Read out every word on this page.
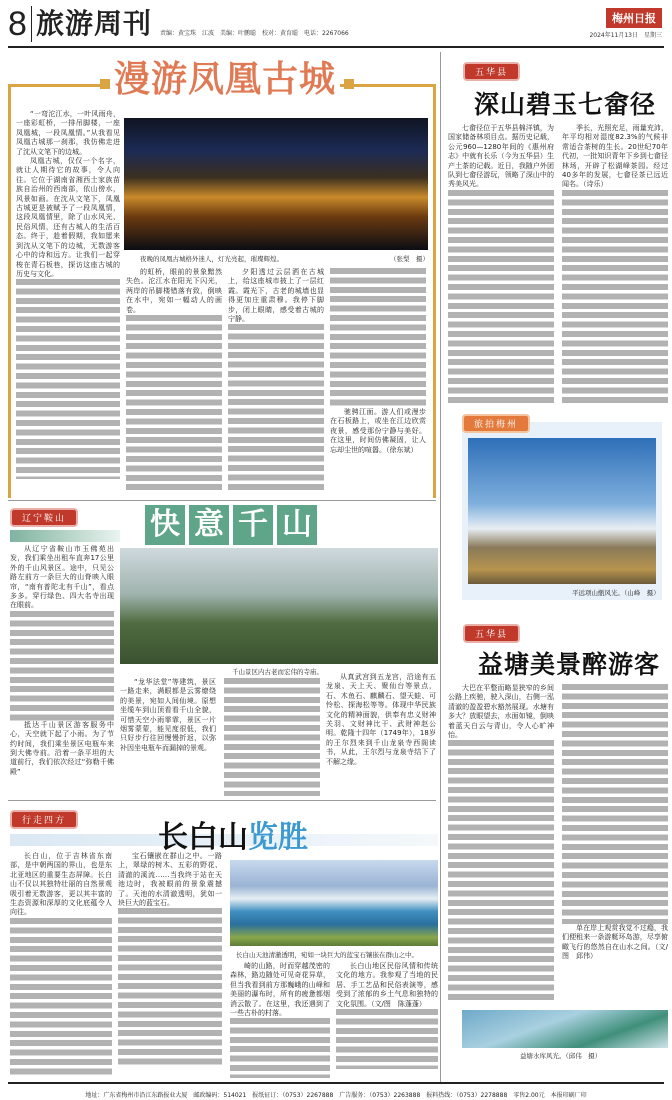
8 旅游周刊 责编：黄宝珠　江波　美编：叶鹏聪　校对：黄育聪　电话：2267066
梅州日报
2024年11月13日　星期三
漫游凤凰古城
夜晚的凤凰古城格外迷人，灯光亮起，璀璨辉煌。	（张梨　摄）

“一弯沱江水，一叶风雨舟，一座彩虹桥，一排吊脚楼，一座凤凰城，一段凤凰情。”从我看见凤凰古城那一刹那，我仿佛走进了沈从文笔下的边城。

凤凰古城，仅仅一个名字，就让人期待它的故事，令人向往。它位于湖南省湘西土家族苗族自治州的西南部，依山傍水，风景如画。在沈从文笔下，凤凰古城更是被赋予了一段凤凰情，这段凤凰情里，除了山水风光、民俗风情，还有古城人的生活百态。终于，趁着假期，我如愿来到沈从文笔下的边城，无数游客心中的诗和远方。让我们一起穿梭在青石板巷，探访这座古城的历史与文化。	的虹桥，眼前的景象黯然失色。沱江水在阳光下闪光，两岸的吊脚楼错落有致，倒映在水中，宛如一幅动人的画卷。

夕阳透过云层洒在古城上，给这座城市披上了一层红霞。霞光下，古老的城墙也显得更加庄重肃穆。我停下脚步，闭上眼睛，感受着古城的宁静。

驰骋江面。游人们或漫步在石板路上，或坐在江边欣赏夜景，感受那份宁静与美好。在这里，时间仿佛凝固，让人忘却尘世的喧嚣。（徐东斌）

五华县
深山碧玉七畲径

七畲径位于五华县棉洋镇，为国家储备林项目点。据历史记载，公元960—1280年间的《惠州府志》中就有长乐（今为五华县）生产土茶的记载。近日，我随户外团队到七畲径游玩，领略了深山中的秀美风光。

季长，光照充足，雨量充沛，年平均相对湿度82.3%的气候非常适合茶树的生长。20世纪70年代初，一批知识青年下乡到七畲径林场，开辟了松湖峰茶园。经过40多年的发展，七畲径茶已远近闻名。（诗乐）

旅拍梅州
平远项山甑风光。（山峰　摄）
五华县
益塘美景醉游客

大巴在平整而略显狭窄的乡间公路上疾驰，驶入深山，右侧一泓清澈的盈盈碧水豁然展现。水塘有多大？放眼望去，水面如镜，倒映着蓝天白云与青山，令人心旷神怡。

单在岸上观赏我觉不过瘾，我们便租来一条游艇环岛游，尽享俯瞰飞行的悠然自在山水之间。（文/图　邱伟）

益塘水库风光。（邱伟　摄）
辽宁鞍山	快 意 千 山
千山景区内古老而宏伟的寺庙。

从辽宁省鞍山市玉佛苑出发，我们乘坐出租车直奔17公里外的千山风景区。途中，只见公路左前方一条巨大的山脊映入眼帘，“南有普陀北有千山”，看点多多。穿行绿色、四大名寺出现在眼前。

抵达千山景区游客服务中心，天空就下起了小雨。为了节约时间，我们乘坐景区电瓶车来到大佛寺前。沿着一条平坦的大道前行，我们依次经过“弥勒千佛殿”

“龙华法堂”等建筑，景区一路走来，满眼都是云雾缭绕的美景，宛如人间仙境。原想坐缆车到山顶看看千山全貌，可惜天空小雨霏霏，景区一片烟雾蒙蒙，能见度很低，我们只好步行往回慢慢折返，以弥补因坐电瓶车而漏掉的景观。

从真武宫到五龙宫，沿途有五龙泉、天上天、聚仙台等景点，石、木鱼石、麒麟石、望天蛙、可怜松、探海松等等。体现中华民族文化的精神面貌，供奉有忠义财神关羽、文财神比干、武财神赵公明。乾隆十四年（1749年），18岁的王尔烈来到千山龙泉寺西阁读书，从此，王尔烈与龙泉寺结下了不解之缘。

行走四方	长白山览胜
长白山天池清澈透明，宛如一块巨大的蓝宝石镶嵌在群山之中。

长白山，位于吉林省东南部，是中朝两国的界山，也是东北亚地区的重要生态屏障。长白山不仅以其独特壮丽的自然景观吸引着无数游客，更以其丰富的生态资源和深厚的文化底蕴令人向往。

宝石镶嵌在群山之中。一路上，翠绿的树木、五彩的野花、清澈的溪流……当我终于站在天池边时，我被眼前的景象震撼了。天池的水清澈透明，犹如一块巨大的蓝宝石。

崎的山路，时而穿越茂密的森林，路边随处可见奇花异草，但当我看到前方那巍峨的山峰和美丽的瀑布时，所有的疲惫都烟消云散了。在这里，我还遇到了一些古朴的村落。

长白山地区民俗风情和传统文化的地方。我参观了当地的民居、手工艺品和民俗表演等，感受到了浓郁的乡土气息和独特的文化氛围。（文/图　陈蓬蓬）

地址：广东省梅州市沿江东路报业大厦　邮政编码：514021　报纸征订：（0753）2267888　广告服务：（0753）2263888　报料热线：（0753）2278888　零售2.00元　本报印刷厂印
